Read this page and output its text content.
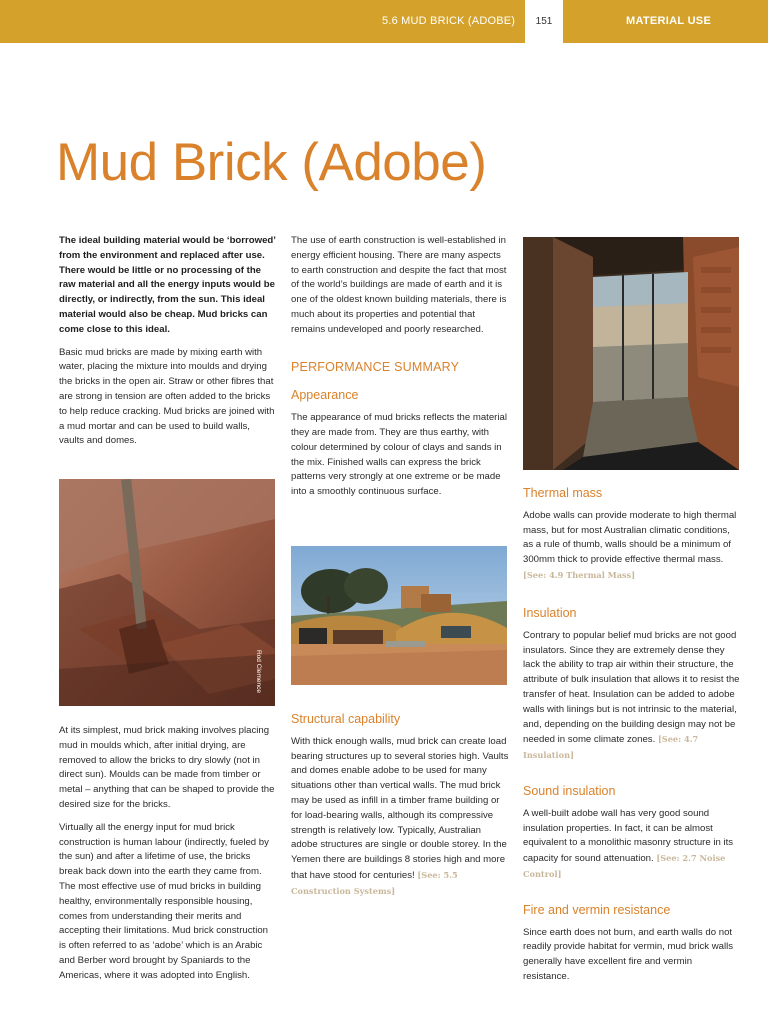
5.6 MUD BRICK (ADOBE)	151	MATERIAL USE
Mud Brick (Adobe)

The ideal building material would be ‘borrowed’ from the environment and replaced after use. There would be little or no processing of the raw material and all the energy inputs would be directly, or indirectly, from the sun. This ideal material would also be cheap. Mud bricks can come close to this ideal.

Basic mud bricks are made by mixing earth with water, placing the mixture into moulds and drying the bricks in the open air. Straw or other fibres that are strong in tension are often added to the bricks to help reduce cracking. Mud bricks are joined with a mud mortar and can be used to build walls, vaults and domes.

Rod Clemence

At its simplest, mud brick making involves placing mud in moulds which, after initial drying, are removed to allow the bricks to dry slowly (not in direct sun). Moulds can be made from timber or metal – anything that can be shaped to provide the desired size for the bricks.

Virtually all the energy input for mud brick construction is human labour (indirectly, fueled by the sun) and after a lifetime of use, the bricks break back down into the earth they came from. The most effective use of mud bricks in building healthy, environmentally responsible housing, comes from understanding their merits and accepting their limitations. Mud brick construction is often referred to as ‘adobe’ which is an Arabic and Berber word brought by Spaniards to the Americas, where it was adopted into English.

The use of earth construction is well-established in energy efficient housing. There are many aspects to earth construction and despite the fact that most of the world’s buildings are made of earth and it is one of the oldest known building materials, there is much about its properties and potential that remains undeveloped and poorly researched.

PERFORMANCE SUMMARY
Appearance

The appearance of mud bricks reflects the material they are made from. They are thus earthy, with colour determined by colour of clays and sands in the mix. Finished walls can express the brick patterns very strongly at one extreme or be made into a smoothly continuous surface.

Structural capability

With thick enough walls, mud brick can create load bearing structures up to several stories high. Vaults and domes enable adobe to be used for many situations other than vertical walls. The mud brick may be used as infill in a timber frame building or for load-bearing walls, although its compressive strength is relatively low. Typically, Australian adobe structures are single or double storey. In the Yemen there are buildings 8 stories high and more that have stood for centuries! [See: 5.5 Construction Systems]

Thermal mass

Adobe walls can provide moderate to high thermal mass, but for most Australian climatic conditions, as a rule of thumb, walls should be a minimum of 300mm thick to provide effective thermal mass. [See: 4.9 Thermal Mass]

Insulation

Contrary to popular belief mud bricks are not good insulators. Since they are extremely dense they lack the ability to trap air within their structure, the attribute of bulk insulation that allows it to resist the transfer of heat. Insulation can be added to adobe walls with linings but is not intrinsic to the material, and, depending on the building design may not be needed in some climate zones. [See: 4.7 Insulation]

Sound insulation

A well-built adobe wall has very good sound insulation properties. In fact, it can be almost equivalent to a monolithic masonry structure in its capacity for sound attenuation. [See: 2.7 Noise Control]

Fire and vermin resistance

Since earth does not burn, and earth walls do not readily provide habitat for vermin, mud brick walls generally have excellent fire and vermin resistance.
